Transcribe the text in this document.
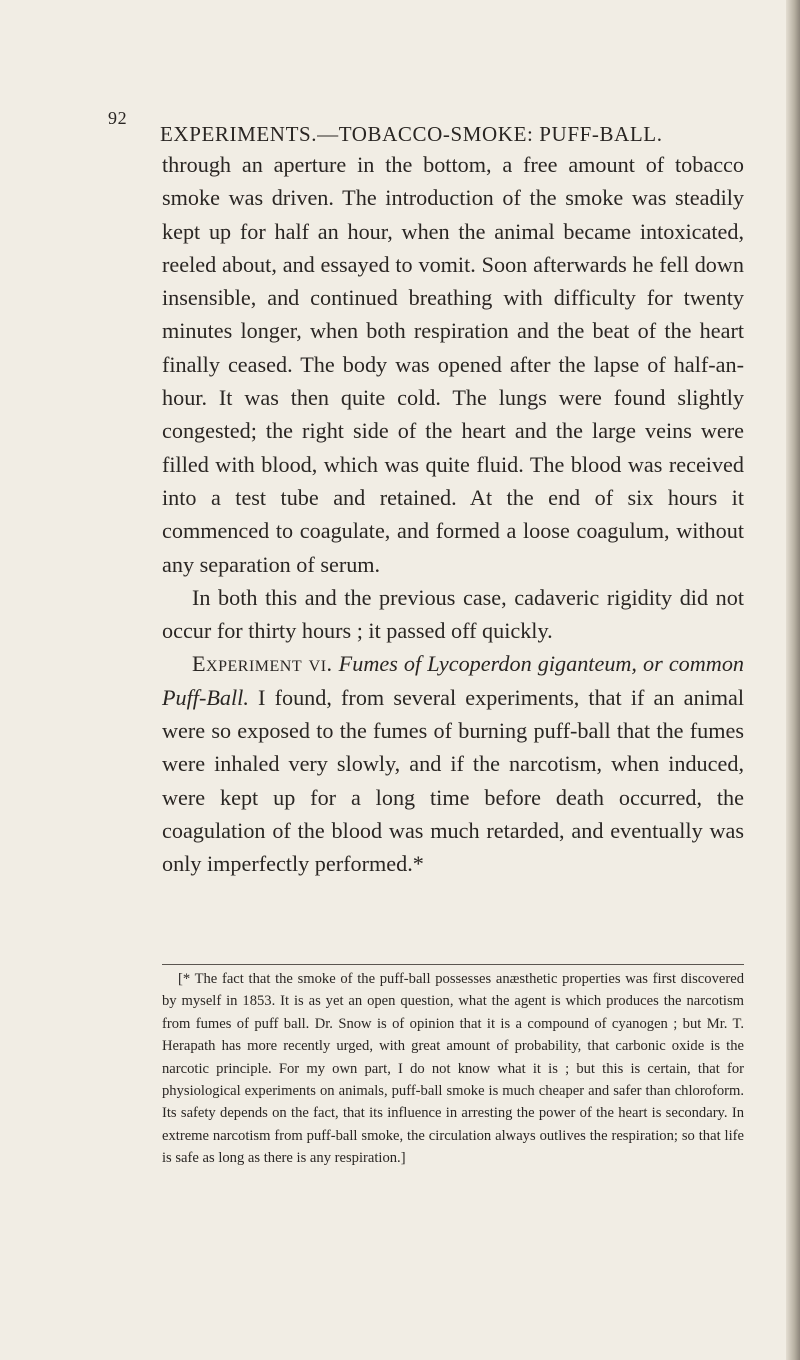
92
EXPERIMENTS.—TOBACCO-SMOKE: PUFF-BALL.

through an aperture in the bottom, a free amount of tobacco smoke was driven. The introduction of the smoke was steadily kept up for half an hour, when the animal became intoxicated, reeled about, and essayed to vomit. Soon afterwards he fell down insensible, and continued breathing with difficulty for twenty minutes longer, when both respiration and the beat of the heart finally ceased. The body was opened after the lapse of half-an-hour. It was then quite cold. The lungs were found slightly congested; the right side of the heart and the large veins were filled with blood, which was quite fluid. The blood was received into a test tube and retained. At the end of six hours it commenced to coagulate, and formed a loose coagulum, without any separation of serum.

In both this and the previous case, cadaveric rigidity did not occur for thirty hours ; it passed off quickly.

Experiment vi. Fumes of Lycoperdon giganteum, or common Puff-Ball. I found, from several experiments, that if an animal were so exposed to the fumes of burning puff-ball that the fumes were inhaled very slowly, and if the narcotism, when induced, were kept up for a long time before death occurred, the coagulation of the blood was much retarded, and eventually was only imperfectly performed.*

[* The fact that the smoke of the puff-ball possesses anæsthetic properties was first discovered by myself in 1853. It is as yet an open question, what the agent is which produces the narcotism from fumes of puff ball. Dr. Snow is of opinion that it is a compound of cyanogen ; but Mr. T. Herapath has more recently urged, with great amount of probability, that carbonic oxide is the narcotic principle. For my own part, I do not know what it is ; but this is certain, that for physiological experiments on animals, puff-ball smoke is much cheaper and safer than chloroform. Its safety depends on the fact, that its influence in arresting the power of the heart is secondary. In extreme narcotism from puff-ball smoke, the circulation always outlives the respiration; so that life is safe as long as there is any respiration.]
